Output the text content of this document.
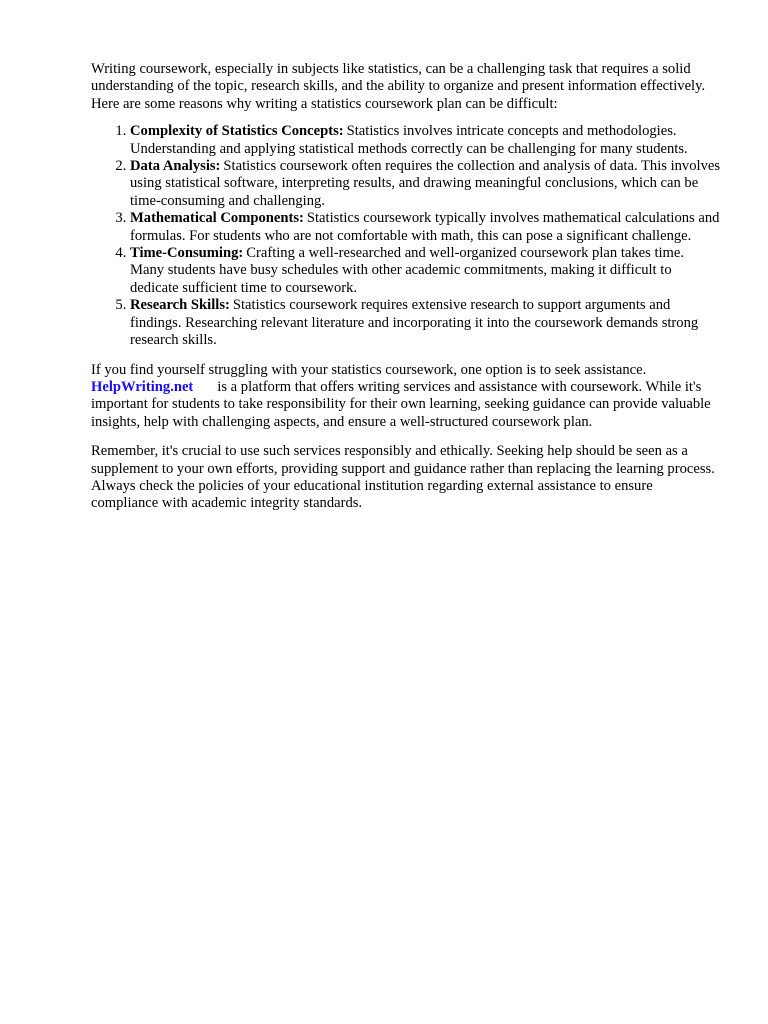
Writing coursework, especially in subjects like statistics, can be a challenging task that requires a solid understanding of the topic, research skills, and the ability to organize and present information effectively. Here are some reasons why writing a statistics coursework plan can be difficult:

1. Complexity of Statistics Concepts: Statistics involves intricate concepts and methodologies. Understanding and applying statistical methods correctly can be challenging for many students.
2. Data Analysis: Statistics coursework often requires the collection and analysis of data. This involves using statistical software, interpreting results, and drawing meaningful conclusions, which can be time-consuming and challenging.
3. Mathematical Components: Statistics coursework typically involves mathematical calculations and formulas. For students who are not comfortable with math, this can pose a significant challenge.
4. Time-Consuming: Crafting a well-researched and well-organized coursework plan takes time. Many students have busy schedules with other academic commitments, making it difficult to dedicate sufficient time to coursework.
5. Research Skills: Statistics coursework requires extensive research to support arguments and findings. Researching relevant literature and incorporating it into the coursework demands strong research skills.

If you find yourself struggling with your statistics coursework, one option is to seek assistance.
HelpWriting.net is a platform that offers writing services and assistance with coursework. While it's important for students to take responsibility for their own learning, seeking guidance can provide valuable insights, help with challenging aspects, and ensure a well-structured coursework plan.

Remember, it's crucial to use such services responsibly and ethically. Seeking help should be seen as a supplement to your own efforts, providing support and guidance rather than replacing the learning process. Always check the policies of your educational institution regarding external assistance to ensure compliance with academic integrity standards.
